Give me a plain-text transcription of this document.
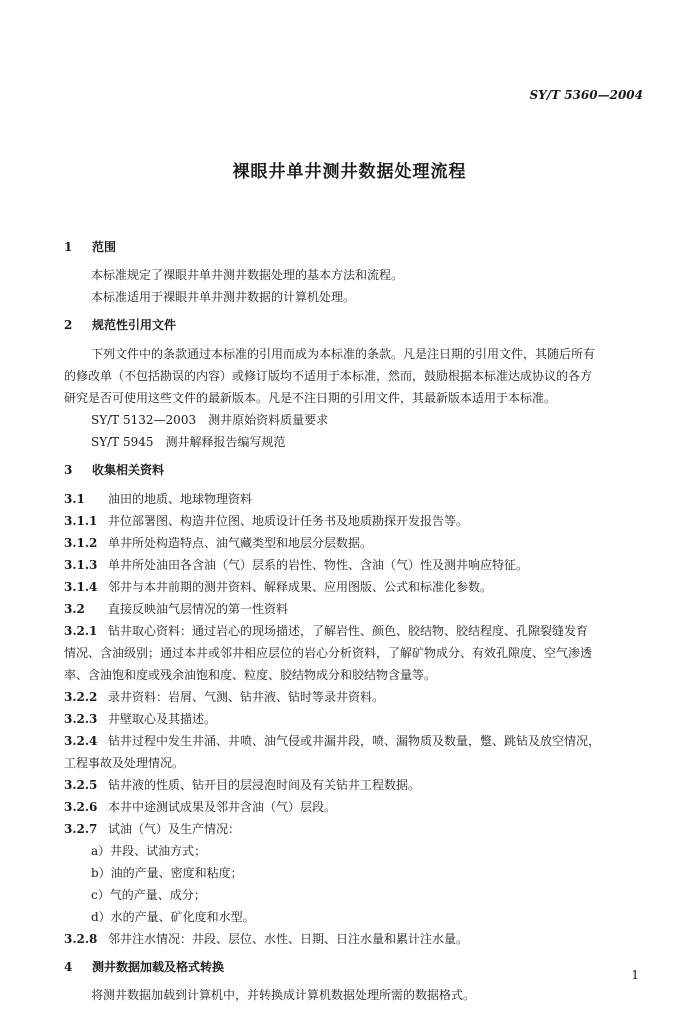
SY/T 5360—2004
裸眼井单井测井数据处理流程
1 范围
本标准规定了裸眼井单井测井数据处理的基本方法和流程。
本标准适用于裸眼井单井测井数据的计算机处理。
2 规范性引用文件
下列文件中的条款通过本标准的引用而成为本标准的条款。凡是注日期的引用文件，其随后所有
的修改单（不包括勘误的内容）或修订版均不适用于本标准，然而，鼓励根据本标准达成协议的各方
研究是否可使用这些文件的最新版本。凡是不注日期的引用文件，其最新版本适用于本标准。
SY/T 5132—2003　测井原始资料质量要求
SY/T 5945　测井解释报告编写规范
3 收集相关资料
3.1 油田的地质、地球物理资料
3.1.1 井位部署图、构造井位图、地质设计任务书及地质勘探开发报告等。
3.1.2 单井所处构造特点、油气藏类型和地层分层数据。
3.1.3 单井所处油田各含油（气）层系的岩性、物性、含油（气）性及测井响应特征。
3.1.4 邻井与本井前期的测井资料、解释成果、应用图版、公式和标准化参数。
3.2 直接反映油气层情况的第一性资料
3.2.1 钻井取心资料：通过岩心的现场描述，了解岩性、颜色、胶结物、胶结程度、孔隙裂缝发育
情况、含油级别；通过本井或邻井相应层位的岩心分析资料，了解矿物成分、有效孔隙度、空气渗透
率、含油饱和度或残余油饱和度、粒度、胶结物成分和胶结物含量等。
3.2.2 录井资料：岩屑、气测、钻井液、钻时等录井资料。
3.2.3 井壁取心及其描述。
3.2.4 钻井过程中发生井涌、井喷、油气侵或井漏井段，喷、漏物质及数量，蹩、跳钻及放空情况，
工程事故及处理情况。
3.2.5 钻井液的性质、钻开目的层浸泡时间及有关钻井工程数据。
3.2.6 本井中途测试成果及邻井含油（气）层段。
3.2.7 试油（气）及生产情况：
a）井段、试油方式；
b）油的产量、密度和粘度；
c）气的产量、成分；
d）水的产量、矿化度和水型。
3.2.8 邻井注水情况：井段、层位、水性、日期、日注水量和累计注水量。
4 测井数据加载及格式转换
将测井数据加载到计算机中，并转换成计算机数据处理所需的数据格式。
1
